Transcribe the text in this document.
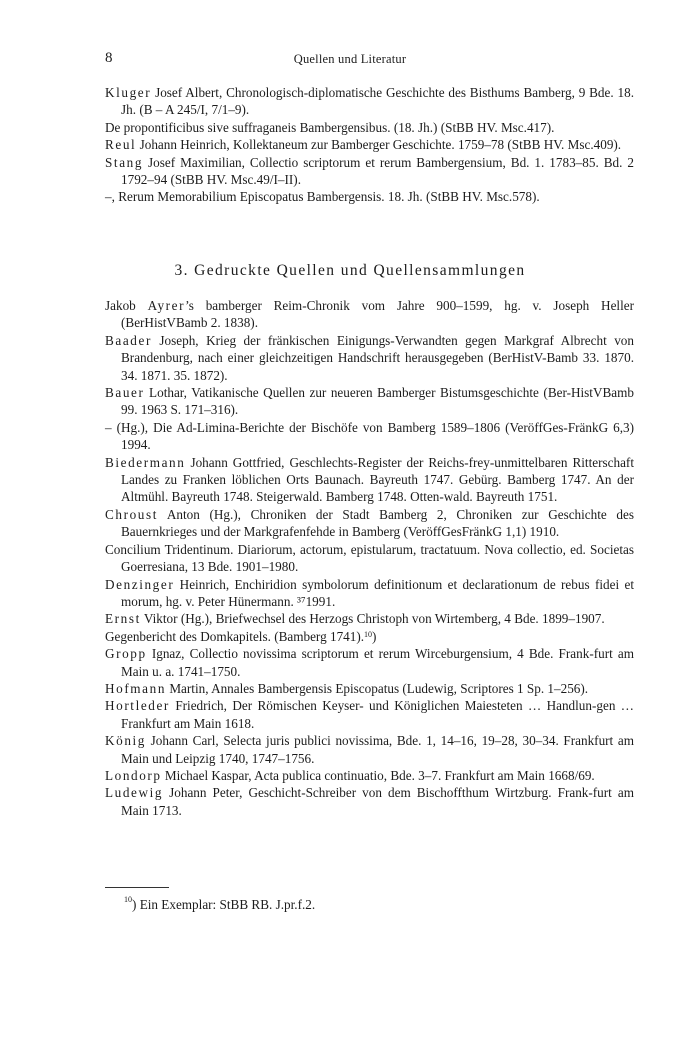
8	Quellen und Literatur

Kluger Josef Albert, Chronologisch-diplomatische Geschichte des Bisthums Bamberg, 9 Bde. 18. Jh. (B – A 245/I, 7/1–9).

De propontificibus sive suffraganeis Bambergensibus. (18. Jh.) (StBB HV. Msc.417).

Reul Johann Heinrich, Kollektaneum zur Bamberger Geschichte. 1759–78 (StBB HV. Msc.409).

Stang Josef Maximilian, Collectio scriptorum et rerum Bambergensium, Bd. 1. 1783–85. Bd. 2 1792–94 (StBB HV. Msc.49/I–II).

–, Rerum Memorabilium Episcopatus Bambergensis. 18. Jh. (StBB HV. Msc.578).

3. Gedruckte Quellen und Quellensammlungen

Jakob Ayrer’s bamberger Reim-Chronik vom Jahre 900–1599, hg. v. Joseph Heller (BerHistVBamb 2. 1838).

Baader Joseph, Krieg der fränkischen Einigungs-Verwandten gegen Markgraf Albrecht von Brandenburg, nach einer gleichzeitigen Handschrift herausgegeben (BerHistV-Bamb 33. 1870. 34. 1871. 35. 1872).

Bauer Lothar, Vatikanische Quellen zur neueren Bamberger Bistumsgeschichte (Ber-HistVBamb 99. 1963 S. 171–316).

– (Hg.), Die Ad-Limina-Berichte der Bischöfe von Bamberg 1589–1806 (VeröffGes-FränkG 6,3) 1994.

Biedermann Johann Gottfried, Geschlechts-Register der Reichs-frey-unmittelbaren Ritterschaft Landes zu Franken löblichen Orts Baunach. Bayreuth 1747. Gebürg. Bamberg 1747. An der Altmühl. Bayreuth 1748. Steigerwald. Bamberg 1748. Otten-wald. Bayreuth 1751.

Chroust Anton (Hg.), Chroniken der Stadt Bamberg 2, Chroniken zur Geschichte des Bauernkrieges und der Markgrafenfehde in Bamberg (VeröffGesFränkG 1,1) 1910.

Concilium Tridentinum. Diariorum, actorum, epistularum, tractatuum. Nova collectio, ed. Societas Goerresiana, 13 Bde. 1901–1980.

Denzinger Heinrich, Enchiridion symbolorum definitionum et declarationum de rebus fidei et morum, hg. v. Peter Hünermann. ³⁷1991.

Ernst Viktor (Hg.), Briefwechsel des Herzogs Christoph von Wirtemberg, 4 Bde. 1899–1907.

Gegenbericht des Domkapitels. (Bamberg 1741).$^{10}$)

Gropp Ignaz, Collectio novissima scriptorum et rerum Wirceburgensium, 4 Bde. Frank-furt am Main u. a. 1741–1750.

Hofmann Martin, Annales Bambergensis Episcopatus (Ludewig, Scriptores 1 Sp. 1–256).

Hortleder Friedrich, Der Römischen Keyser- und Königlichen Maiesteten … Handlun-gen … Frankfurt am Main 1618.

König Johann Carl, Selecta juris publici novissima, Bde. 1, 14–16, 19–28, 30–34. Frankfurt am Main und Leipzig 1740, 1747–1756.

Londorp Michael Kaspar, Acta publica continuatio, Bde. 3–7. Frankfurt am Main 1668/69.

Ludewig Johann Peter, Geschicht-Schreiber von dem Bischoffthum Wirtzburg. Frank-furt am Main 1713.

$^{10}$) Ein Exemplar: StBB RB. J.pr.f.2.
